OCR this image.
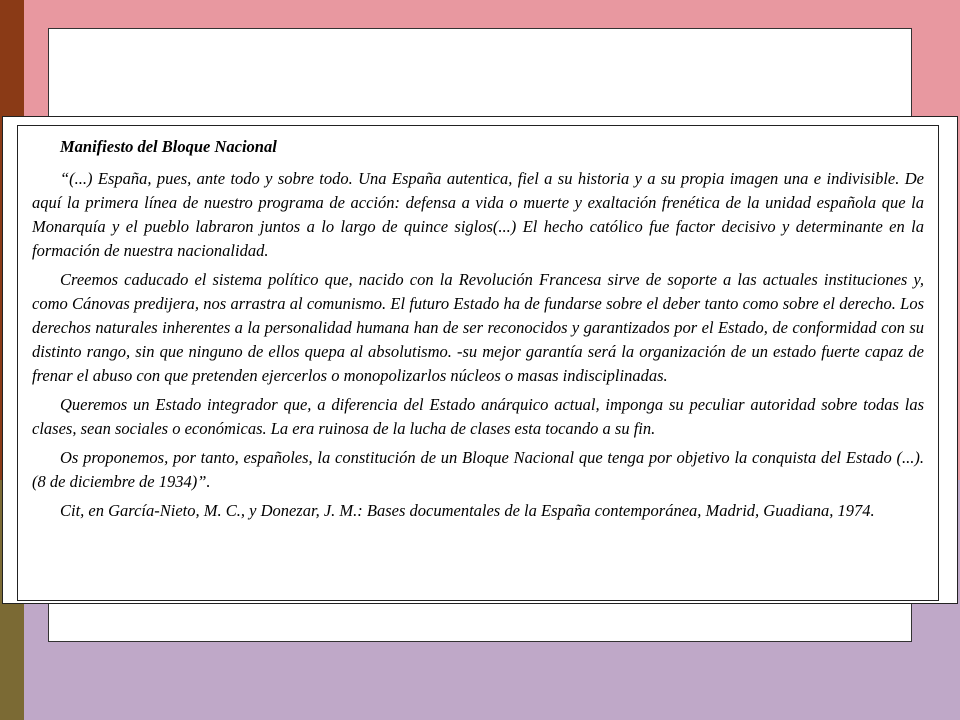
Manifiesto del Bloque Nacional

“(...) España, pues, ante todo y sobre todo. Una España autentica, fiel a su historia y a su propia imagen una e indivisible. De aquí la primera línea de nuestro programa de acción: defensa a vida o muerte y exaltación frenética de la unidad española que la Monarquía y el pueblo labraron juntos a lo largo de quince siglos(...) El hecho católico fue factor decisivo y determinante en la formación de nuestra nacionalidad.

Creemos caducado el sistema político que, nacido con la Revolución Francesa sirve de soporte a las actuales instituciones y, como Cánovas predijera, nos arrastra al comunismo. El futuro Estado ha de fundarse sobre el deber tanto como sobre el derecho. Los derechos naturales inherentes a la personalidad humana han de ser reconocidos y garantizados por el Estado, de conformidad con su distinto rango, sin que ninguno de ellos quepa al absolutismo. -su mejor garantía será la organización de un estado fuerte capaz de frenar el abuso con que pretenden ejercerlos o monopolizarlos núcleos o masas indisciplinadas.

Queremos un Estado integrador que, a diferencia del Estado anárquico actual, imponga su peculiar autoridad sobre todas las clases, sean sociales o económicas. La era ruinosa de la lucha de clases esta tocando a su fin.

Os proponemos, por tanto, españoles, la constitución de un Bloque Nacional que tenga por objetivo la conquista del Estado (...). (8 de diciembre de 1934)”.

Cit, en García-Nieto, M. C., y Donezar, J. M.: Bases documentales de la España contemporánea, Madrid, Guadiana, 1974.
